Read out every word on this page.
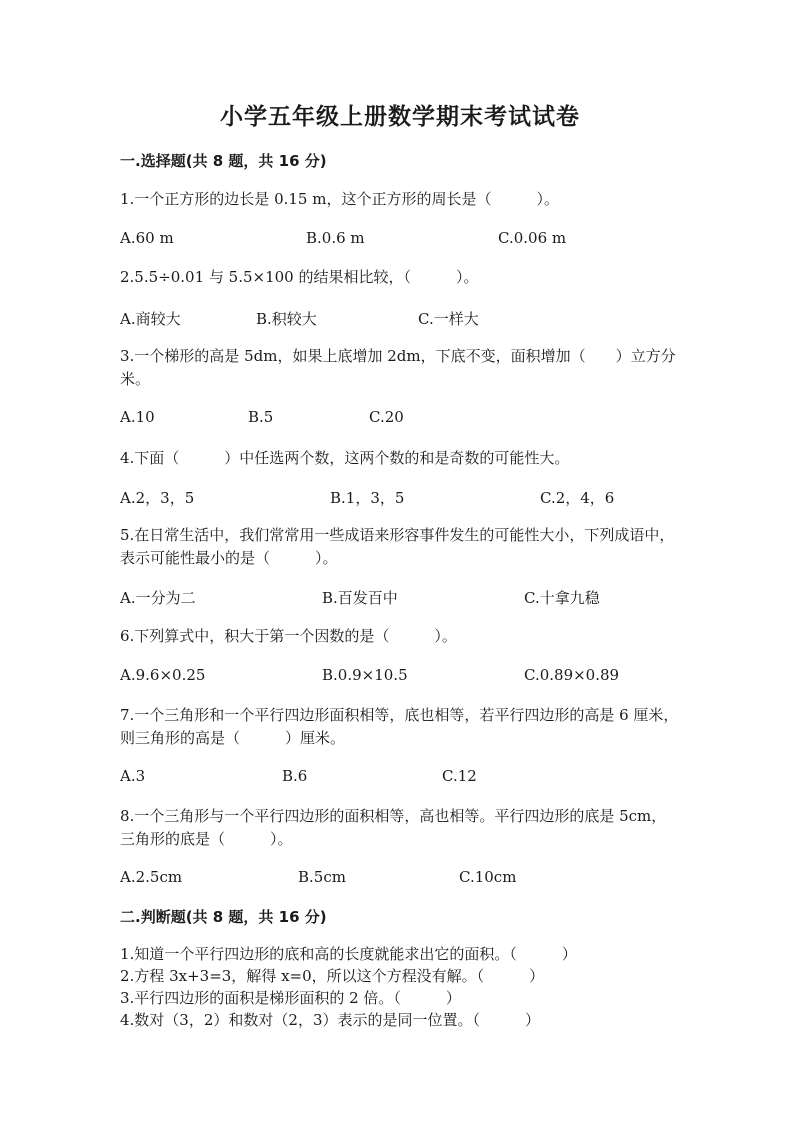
小学五年级上册数学期末考试试卷
一.选择题(共 8 题，共 16 分)
1.一个正方形的边长是 0.15 m，这个正方形的周长是（　　　）。
A.60 m	B.0.6 m	C.0.06 m
2.5.5÷0.01 与 5.5×100 的结果相比较，（　　　）。
A.商较大	B.积较大	C.一样大
3.一个梯形的高是 5dm，如果上底增加 2dm，下底不变，面积增加（　　）立方分米。
A.10	B.5	C.20
4.下面（　　　）中任选两个数，这两个数的和是奇数的可能性大。
A.2，3，5	B.1，3，5	C.2，4，6
5.在日常生活中，我们常常用一些成语来形容事件发生的可能性大小，下列成语中，表示可能性最小的是（　　　）。
A.一分为二	B.百发百中	C.十拿九稳
6.下列算式中，积大于第一个因数的是（　　　）。
A.9.6×0.25	B.0.9×10.5	C.0.89×0.89
7.一个三角形和一个平行四边形面积相等，底也相等，若平行四边形的高是 6 厘米，则三角形的高是（　　　）厘米。
A.3	B.6	C.12
8.一个三角形与一个平行四边形的面积相等，高也相等。平行四边形的底是 5cm，三角形的底是（　　　）。
A.2.5cm	B.5cm	C.10cm
二.判断题(共 8 题，共 16 分)
1.知道一个平行四边形的底和高的长度就能求出它的面积。（　　　）
2.方程 3x+3=3，解得 x=0，所以这个方程没有解。（　　　）
3.平行四边形的面积是梯形面积的 2 倍。（　　　）
4.数对（3，2）和数对（2，3）表示的是同一位置。（　　　）
